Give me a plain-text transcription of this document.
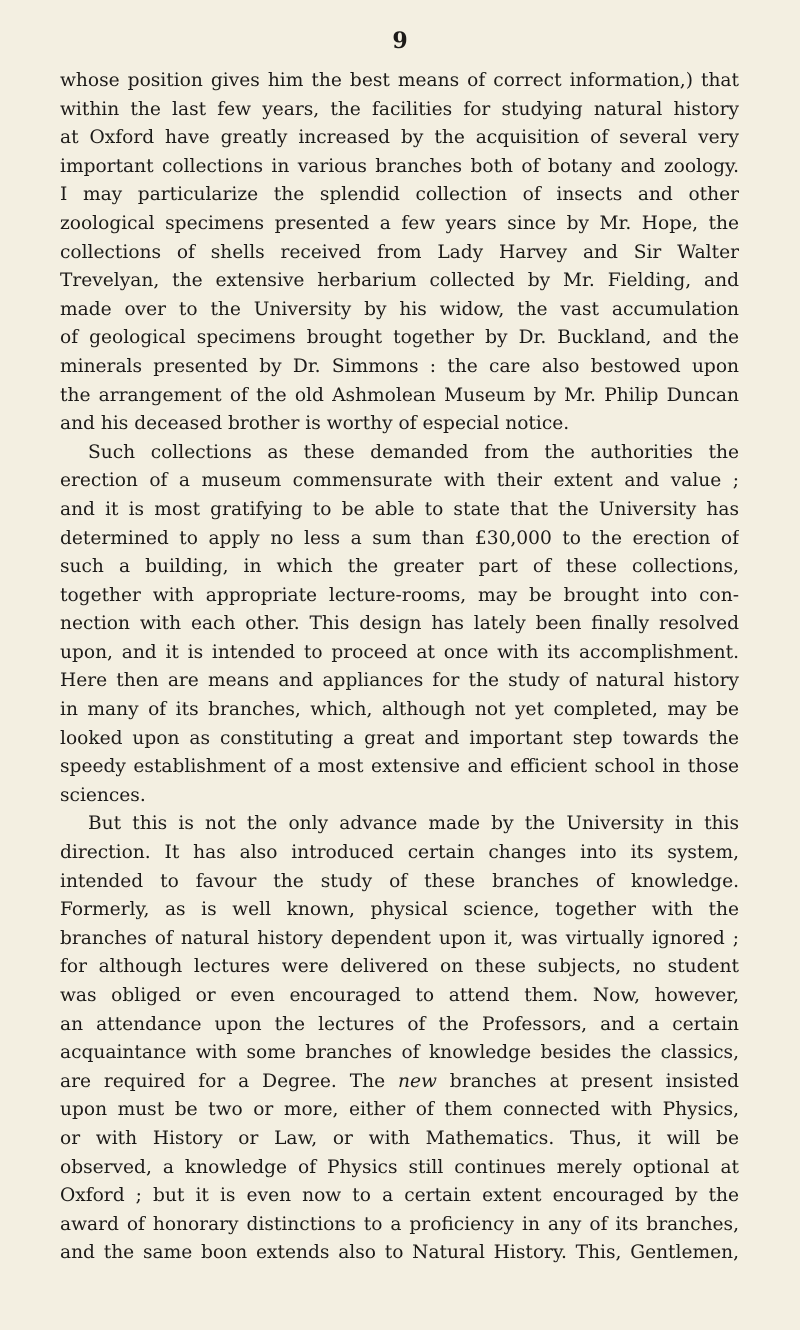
9
whose position gives him the best means of correct information,) that
within the last few years, the facilities for studying natural history
at Oxford have greatly increased by the acquisition of several very
important collections in various branches both of botany and zoology.
I may particularize the splendid collection of insects and other
zoological specimens presented a few years since by Mr. Hope, the
collections of shells received from Lady Harvey and Sir Walter
Trevelyan, the extensive herbarium collected by Mr. Fielding, and
made over to the University by his widow, the vast accumulation
of geological specimens brought together by Dr. Buckland, and the
minerals presented by Dr. Simmons : the care also bestowed upon
the arrangement of the old Ashmolean Museum by Mr. Philip Duncan
and his deceased brother is worthy of especial notice.
Such collections as these demanded from the authorities the
erection of a museum commensurate with their extent and value ;
and it is most gratifying to be able to state that the University has
determined to apply no less a sum than £30,000 to the erection of
such a building, in which the greater part of these collections,
together with appropriate lecture-rooms, may be brought into con-
nection with each other. This design has lately been finally resolved
upon, and it is intended to proceed at once with its accomplishment.
Here then are means and appliances for the study of natural history
in many of its branches, which, although not yet completed, may be
looked upon as constituting a great and important step towards the
speedy establishment of a most extensive and efficient school in those
sciences.
But this is not the only advance made by the University in this
direction. It has also introduced certain changes into its system,
intended to favour the study of these branches of knowledge.
Formerly, as is well known, physical science, together with the
branches of natural history dependent upon it, was virtually ignored ;
for although lectures were delivered on these subjects, no student
was obliged or even encouraged to attend them. Now, however,
an attendance upon the lectures of the Professors, and a certain
acquaintance with some branches of knowledge besides the classics,
are required for a Degree. The new branches at present insisted
upon must be two or more, either of them connected with Physics,
or with History or Law, or with Mathematics. Thus, it will be
observed, a knowledge of Physics still continues merely optional at
Oxford ; but it is even now to a certain extent encouraged by the
award of honorary distinctions to a proficiency in any of its branches,
and the same boon extends also to Natural History. This, Gentlemen,
